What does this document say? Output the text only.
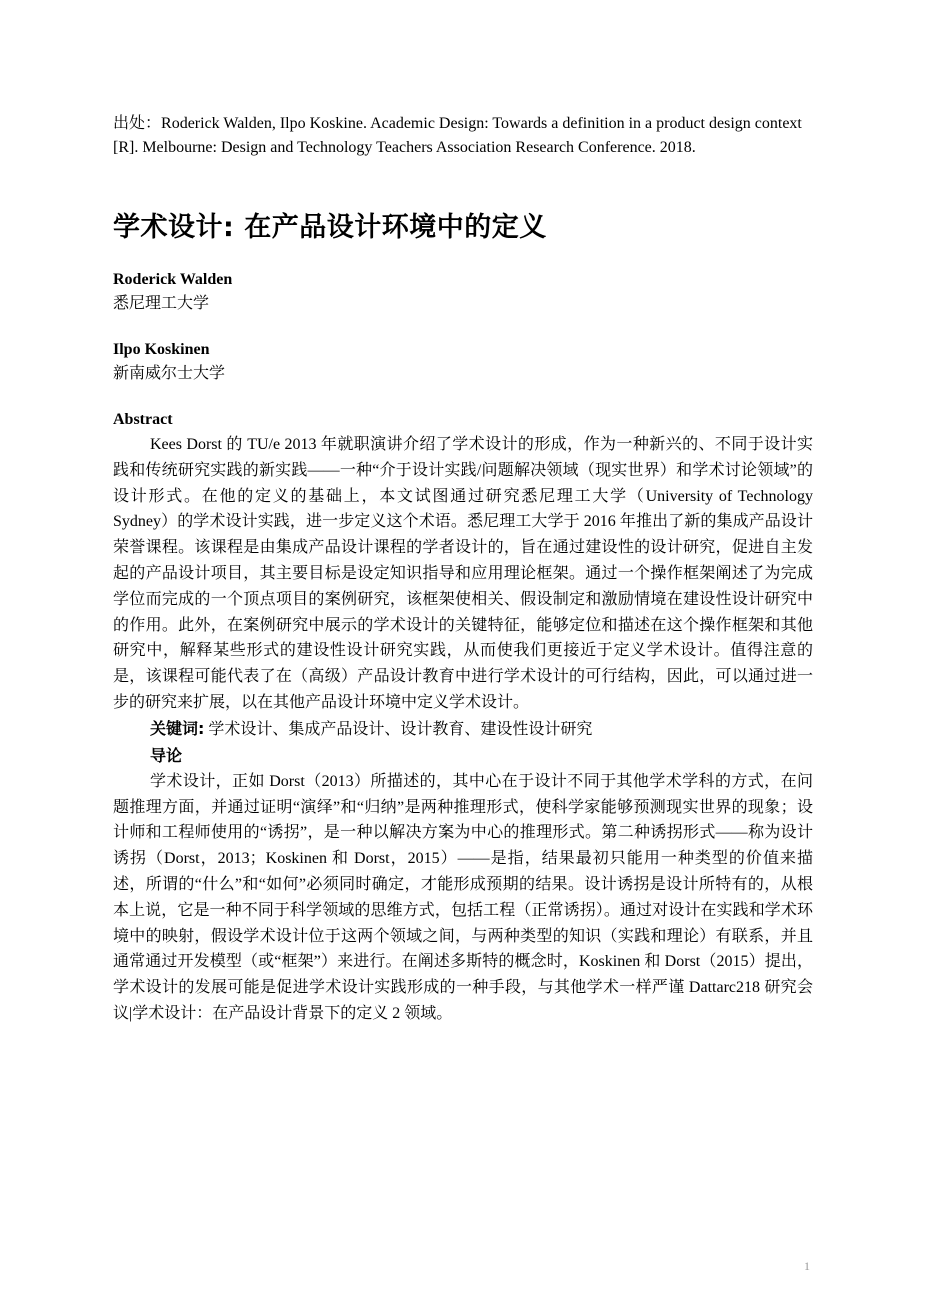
出处：Roderick Walden, Ilpo Koskine. Academic Design: Towards a definition in a product design context [R]. Melbourne: Design and Technology Teachers Association Research Conference. 2018.

学术设计: 在产品设计环境中的定义
Roderick Walden
悉尼理工大学
Ilpo Koskinen
新南威尔士大学
Abstract

Kees Dorst 的 TU/e 2013 年就职演讲介绍了学术设计的形成，作为一种新兴的、不同于设计实践和传统研究实践的新实践——一种“介于设计实践/问题解决领域（现实世界）和学术讨论领域”的设计形式。在他的定义的基础上，本文试图通过研究悉尼理工大学（University of Technology Sydney）的学术设计实践，进一步定义这个术语。悉尼理工大学于 2016 年推出了新的集成产品设计荣誉课程。该课程是由集成产品设计课程的学者设计的，旨在通过建设性的设计研究，促进自主发起的产品设计项目，其主要目标是设定知识指导和应用理论框架。通过一个操作框架阐述了为完成学位而完成的一个顶点项目的案例研究，该框架使相关、假设制定和激励情境在建设性设计研究中的作用。此外，在案例研究中展示的学术设计的关键特征，能够定位和描述在这个操作框架和其他研究中，解释某些形式的建设性设计研究实践，从而使我们更接近于定义学术设计。值得注意的是，该课程可能代表了在（高级）产品设计教育中进行学术设计的可行结构，因此，可以通过进一步的研究来扩展，以在其他产品设计环境中定义学术设计。

关键词: 学术设计、集成产品设计、设计教育、建设性设计研究

导论

学术设计，正如 Dorst（2013）所描述的，其中心在于设计不同于其他学术学科的方式，在问题推理方面，并通过证明“演绎”和“归纳”是两种推理形式，使科学家能够预测现实世界的现象；设计师和工程师使用的“诱拐”，是一种以解决方案为中心的推理形式。第二种诱拐形式——称为设计诱拐（Dorst，2013；Koskinen 和 Dorst，2015）——是指，结果最初只能用一种类型的价值来描述，所谓的“什么”和“如何”必须同时确定，才能形成预期的结果。设计诱拐是设计所特有的，从根本上说，它是一种不同于科学领域的思维方式，包括工程（正常诱拐）。通过对设计在实践和学术环境中的映射，假设学术设计位于这两个领域之间，与两种类型的知识（实践和理论）有联系，并且通常通过开发模型（或“框架”）来进行。在阐述多斯特的概念时，Koskinen 和 Dorst（2015）提出，学术设计的发展可能是促进学术设计实践形成的一种手段，与其他学术一样严谨 Dattarc218 研究会议|学术设计：在产品设计背景下的定义 2 领域。

1
